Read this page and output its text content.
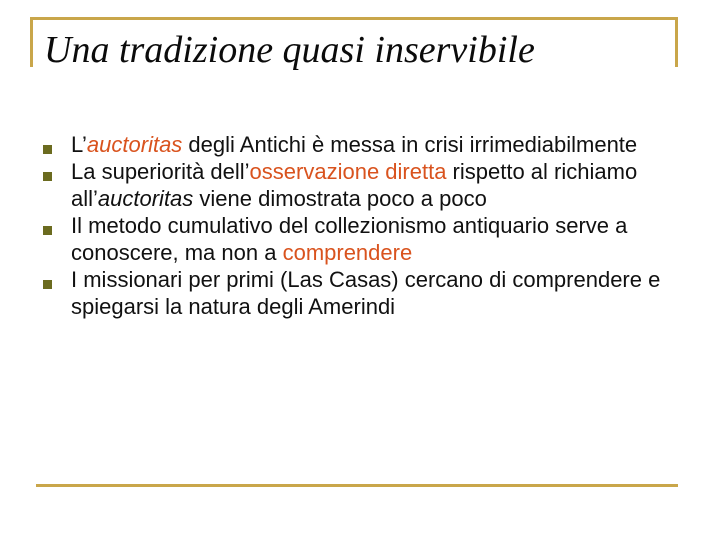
Una tradizione quasi inservibile
L’auctoritas degli Antichi è messa in crisi irrimediabilmente
La superiorità dell’osservazione diretta rispetto al richiamo all’auctoritas viene dimostrata poco a poco
Il metodo cumulativo del collezionismo antiquario serve a conoscere, ma non a comprendere
I missionari per primi (Las Casas) cercano di comprendere e spiegarsi la natura degli Amerindi
